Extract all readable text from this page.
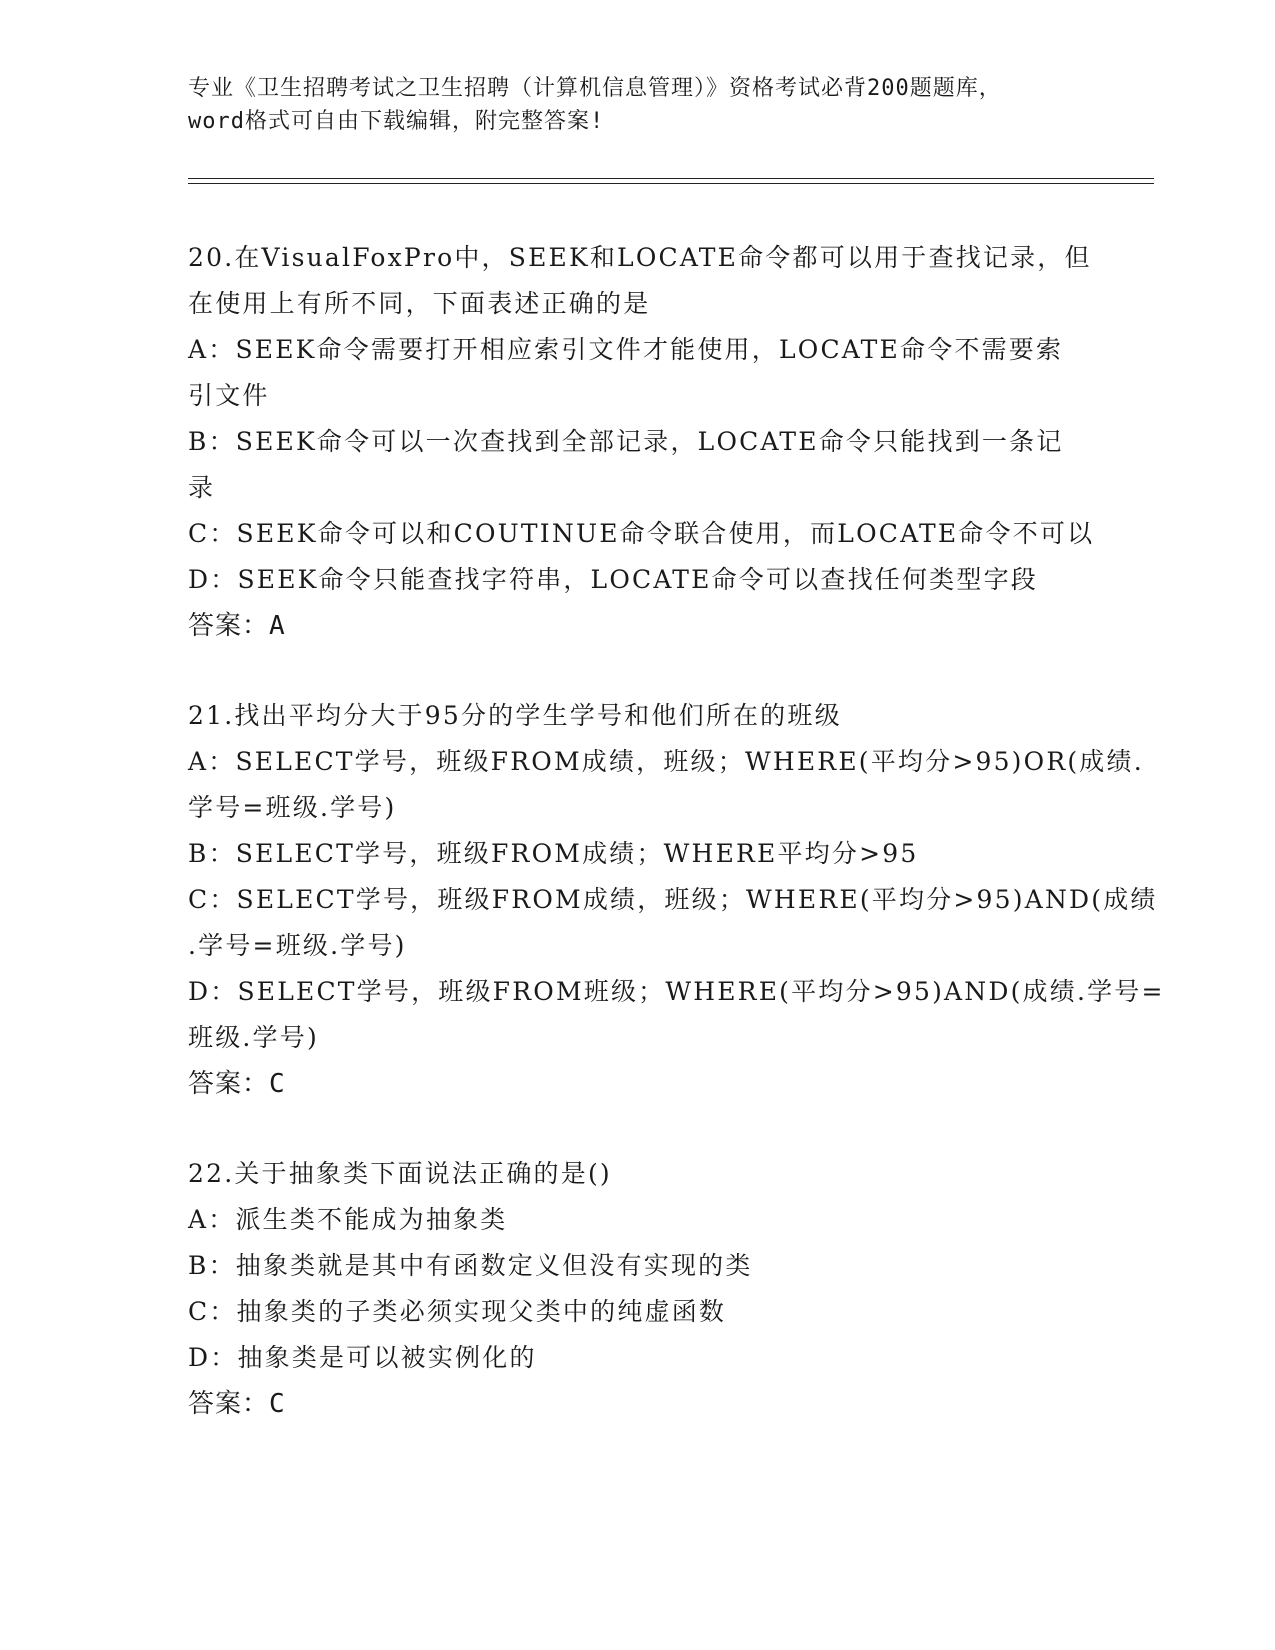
专业《卫生招聘考试之卫生招聘（计算机信息管理）》资格考试必背200题题库，

word格式可自由下载编辑，附完整答案!

20.在VisualFoxPro中，SEEK和LOCATE命令都可以用于查找记录，但

在使用上有所不同，下面表述正确的是

A：SEEK命令需要打开相应索引文件才能使用，LOCATE命令不需要索

引文件

B：SEEK命令可以一次查找到全部记录，LOCATE命令只能找到一条记

录

C：SEEK命令可以和COUTINUE命令联合使用，而LOCATE命令不可以

D：SEEK命令只能查找字符串，LOCATE命令可以查找任何类型字段

答案：A

21.找出平均分大于95分的学生学号和他们所在的班级

A：SELECT学号，班级FROM成绩，班级；WHERE(平均分>95)OR(成绩.

学号=班级.学号)

B：SELECT学号，班级FROM成绩；WHERE平均分>95

C：SELECT学号，班级FROM成绩，班级；WHERE(平均分>95)AND(成绩

.学号=班级.学号)

D：SELECT学号，班级FROM班级；WHERE(平均分>95)AND(成绩.学号=

班级.学号)

答案：C

22.关于抽象类下面说法正确的是()

A：派生类不能成为抽象类

B：抽象类就是其中有函数定义但没有实现的类

C：抽象类的子类必须实现父类中的纯虚函数

D：抽象类是可以被实例化的

答案：C
